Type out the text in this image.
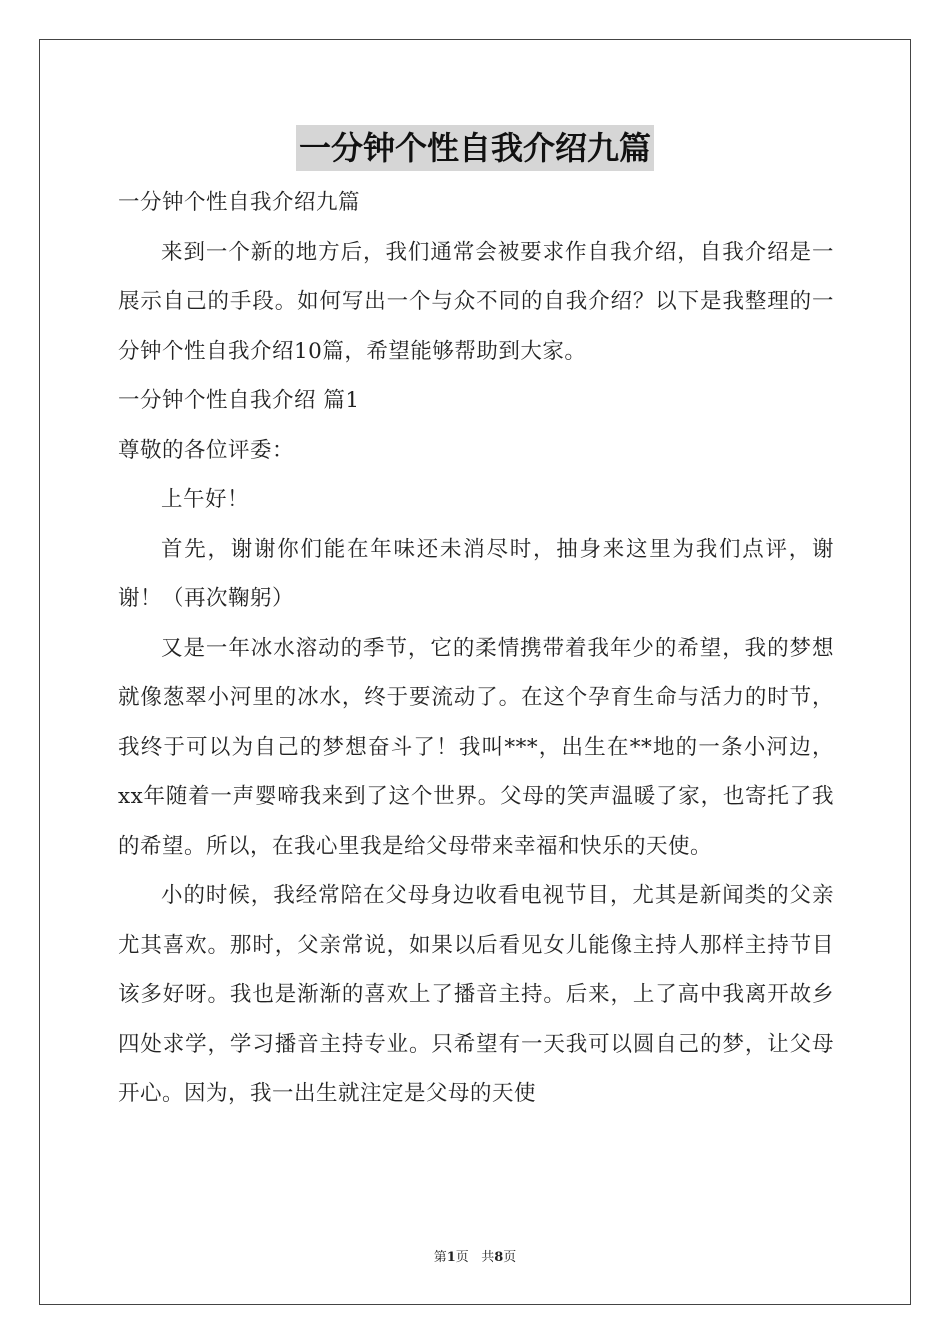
一分钟个性自我介绍九篇

一分钟个性自我介绍九篇

来到一个新的地方后，我们通常会被要求作自我介绍，自我介绍是一展示自己的手段。如何写出一个与众不同的自我介绍？以下是我整理的一分钟个性自我介绍10篇，希望能够帮助到大家。

一分钟个性自我介绍 篇1

尊敬的各位评委：

上午好！

首先，谢谢你们能在年味还未消尽时，抽身来这里为我们点评，谢谢！（再次鞠躬）

又是一年冰水溶动的季节，它的柔情携带着我年少的希望，我的梦想就像葱翠小河里的冰水，终于要流动了。在这个孕育生命与活力的时节，我终于可以为自己的梦想奋斗了！我叫***，出生在**地的一条小河边，xx年随着一声婴啼我来到了这个世界。父母的笑声温暖了家，也寄托了我的希望。所以，在我心里我是给父母带来幸福和快乐的天使。

小的时候，我经常陪在父母身边收看电视节目，尤其是新闻类的父亲尤其喜欢。那时，父亲常说，如果以后看见女儿能像主持人那样主持节目该多好呀。我也是渐渐的喜欢上了播音主持。后来，上了高中我离开故乡四处求学，学习播音主持专业。只希望有一天我可以圆自己的梦，让父母开心。因为，我一出生就注定是父母的天使

第1页 共8页
